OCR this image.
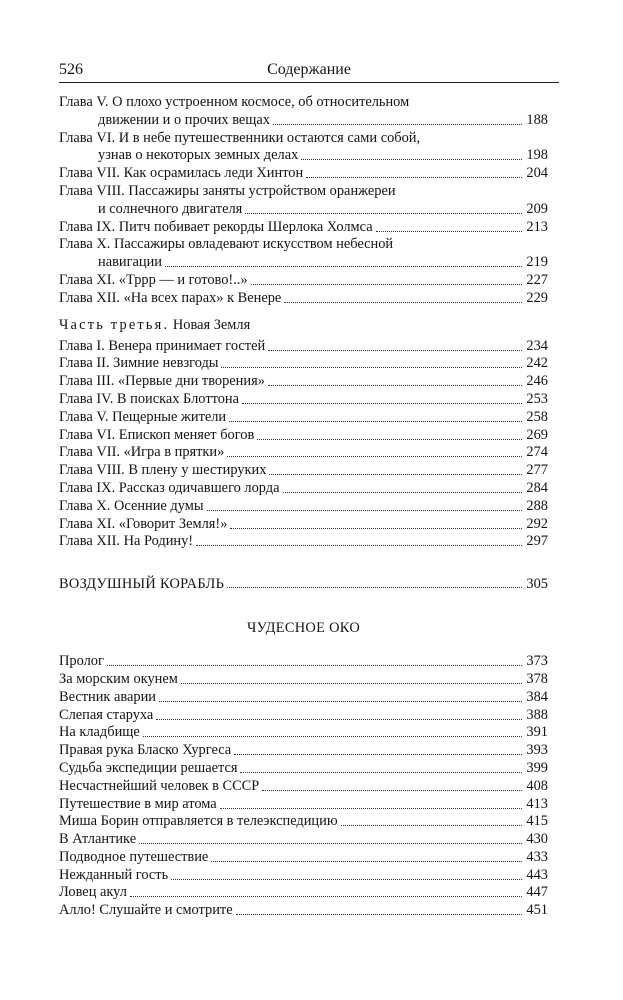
526	Содержание
Глава V. О плохо устроенном космосе, об относительном
движении и о прочих вещах	188
Глава VI. И в небе путешественники остаются сами собой,
узнав о некоторых земных делах	198
Глава VII. Как осрамилась леди Хинтон	204
Глава VIII. Пассажиры заняты устройством оранжереи
и солнечного двигателя	209
Глава IX. Питч побивает рекорды Шерлока Холмса	213
Глава X. Пассажиры овладевают искусством небесной
навигации	219
Глава XI. «Тррр — и готово!..»	227
Глава XII. «На всех парах» к Венере	229
Часть третья. Новая Земля
Глава I. Венера принимает гостей	234
Глава II. Зимние невзгоды	242
Глава III. «Первые дни творения»	246
Глава IV. В поисках Блоттона	253
Глава V. Пещерные жители	258
Глава VI. Епископ меняет богов	269
Глава VII. «Игра в прятки»	274
Глава VIII. В плену у шестируких	277
Глава IX. Рассказ одичавшего лорда	284
Глава X. Осенние думы	288
Глава XI. «Говорит Земля!»	292
Глава XII. На Родину!	297
ВОЗДУШНЫЙ КОРАБЛЬ	305
ЧУДЕСНОЕ ОКО
Пролог	373
За морским окунем	378
Вестник аварии	384
Слепая старуха	388
На кладбище	391
Правая рука Бласко Хургеса	393
Судьба экспедиции решается	399
Несчастнейший человек в СССР	408
Путешествие в мир атома	413
Миша Борин отправляется в телеэкспедицию	415
В Атлантике	430
Подводное путешествие	433
Нежданный гость	443
Ловец акул	447
Алло! Слушайте и смотрите	451
